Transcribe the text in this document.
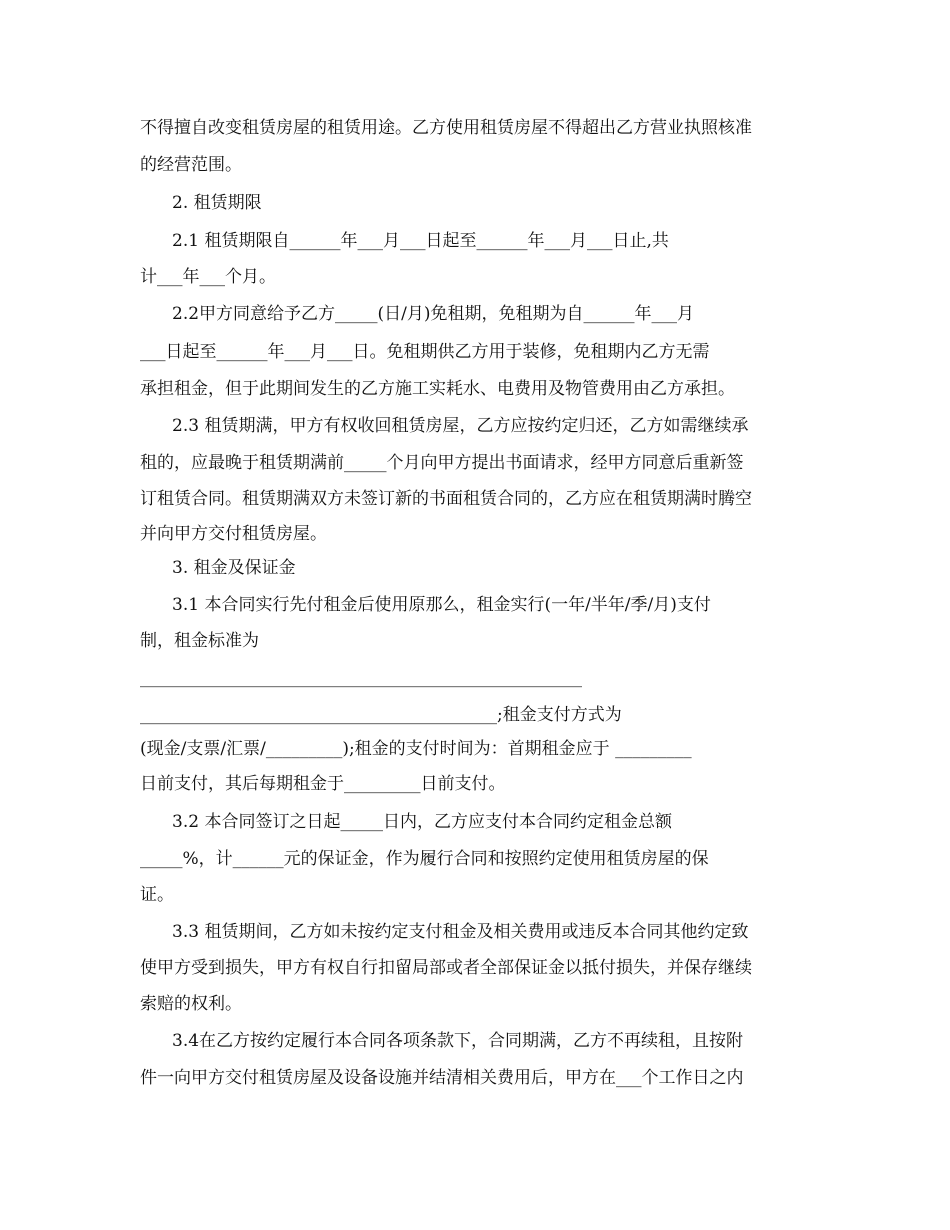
不得擅自改变租赁房屋的租赁用途。乙方使用租赁房屋不得超出乙方营业执照核准
的经营范围。
2. 租赁期限
2.1 租赁期限自______年___月___日起至______年___月___日止,共
计___年___个月。
2.2甲方同意给予乙方_____(日/月)免租期，免租期为自______年___月
___日起至______年___月___日。免租期供乙方用于装修，免租期内乙方无需
承担租金，但于此期间发生的乙方施工实耗水、电费用及物管费用由乙方承担。
2.3 租赁期满，甲方有权收回租赁房屋，乙方应按约定归还，乙方如需继续承
租的，应最晚于租赁期满前_____个月向甲方提出书面请求，经甲方同意后重新签
订租赁合同。租赁期满双方未签订新的书面租赁合同的，乙方应在租赁期满时腾空
并向甲方交付租赁房屋。
3. 租金及保证金
3.1 本合同实行先付租金后使用原那么，租金实行(一年/半年/季/月)支付
制，租金标准为
____________________________________________________
__________________________________________;租金支付方式为
(现金/支票/汇票/_________);租金的支付时间为：首期租金应于 _________
日前支付，其后每期租金于_________日前支付。
3.2 本合同签订之日起_____日内，乙方应支付本合同约定租金总额
_____%，计______元的保证金，作为履行合同和按照约定使用租赁房屋的保
证。
3.3 租赁期间，乙方如未按约定支付租金及相关费用或违反本合同其他约定致
使甲方受到损失，甲方有权自行扣留局部或者全部保证金以抵付损失，并保存继续
索赔的权利。
3.4在乙方按约定履行本合同各项条款下，合同期满，乙方不再续租，且按附
件一向甲方交付租赁房屋及设备设施并结清相关费用后，甲方在___个工作日之内
